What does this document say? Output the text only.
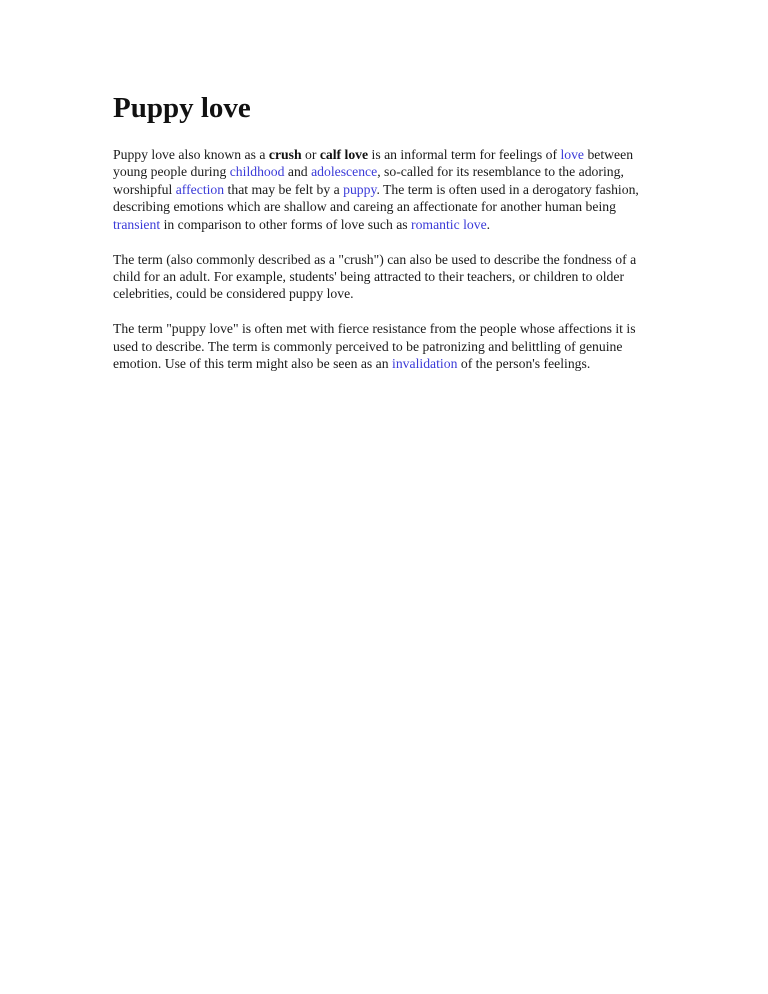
Puppy love

Puppy love also known as a crush or calf love is an informal term for feelings of love between young people during childhood and adolescence, so-called for its resemblance to the adoring, worshipful affection that may be felt by a puppy. The term is often used in a derogatory fashion, describing emotions which are shallow and careing an affectionate for another human being transient in comparison to other forms of love such as romantic love.

The term (also commonly described as a "crush") can also be used to describe the fondness of a child for an adult. For example, students' being attracted to their teachers, or children to older celebrities, could be considered puppy love.

The term "puppy love" is often met with fierce resistance from the people whose affections it is used to describe. The term is commonly perceived to be patronizing and belittling of genuine emotion. Use of this term might also be seen as an invalidation of the person's feelings.
